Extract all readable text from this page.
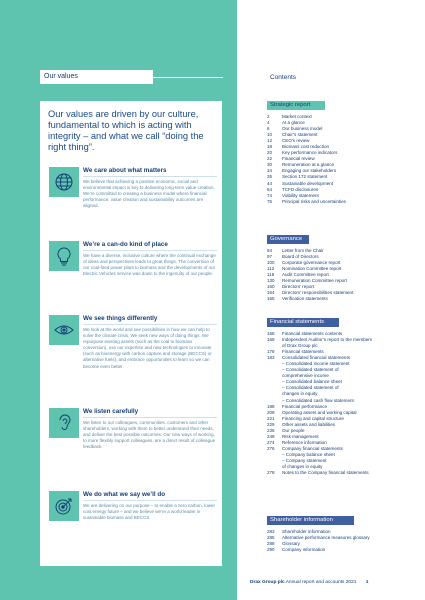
Our values
Our values are driven by our culture, fundamental to which is acting with integrity – and what we call “doing the right thing”.
We care about what matters
We believe that achieving a positive economic, social and environmental impact is key to delivering long-term value creation. We’re committed to creating a business model where financial performance, value creation and sustainability outcomes are aligned.
We’re a can-do kind of place
We have a diverse, inclusive culture where the continual exchange of ideas and perspectives leads to great things. The conversion of our coal-fired power plant to biomass and the developments of our Electric Vehicles service was down to the ingenuity of our people.
We see things differently
We look at the world and see possibilities in how we can help to solve the climate crisis. We seek new ways of doing things. We repurpose existing assets (such as the coal to biomass conversion), use our expertise and new technologies to innovate (such as bioenergy with carbon capture and storage (BECCS) or alternative fuels), and embrace opportunities to learn so we can become even better.
We listen carefully
We listen to our colleagues, communities, customers and other shareholders, working with them to better understand their needs, and deliver the best possible outcomes. Our new ways of working, to more flexibly support colleagues, are a direct result of colleague feedback.
We do what we say we’ll do
We are delivering on our purpose – to enable a zero carbon, lower cost energy future – and we believe we’re a world leader in sustainable biomass and BECCS.
Contents
Strategic report
2	Market context
4	At a glance
6	Our business model
10 Chair’s statement
12 CEO’s review
18 Biomass cost reduction
20 Key performance indicators
22 Financial review
30 Remuneration at a glance
34 Engaging our stakeholders
35 Section 172 statement
44 Sustainable development
64 TCFD disclosures
74 Viability statement
75 Principal risks and uncertainties
Governance
94 Letter from the Chair
97 Board of Directors
100 Corporate governance report
112 Nomination Committee report
118 Audit Committee report
130 Remuneration Committee report
160 Directors’ report
164 Directors’ responsibilities statement
165 Verification statements
Financial statements
168 Financial statements contents
169 Independent Auditor’s report to the members
of Drax Group plc
178 Financial statements
183 Consolidated financial statements
– Consolidated income statement
– Consolidated statement of
comprehensive income
– Consolidated balance sheet
– Consolidated statement of
changes in equity
– Consolidated cash flow statement
188 Financial performance
208 Operating assets and working capital
221 Financing and capital structure
229 Other assets and liabilities
236 Our people
248 Risk management
274 Reference information
276 Company financial statements
– Company balance sheet
– Company statement
of changes in equity
278 Notes to the Company financial statements
Shareholder information
283 Shareholder information
285 Alternative performance measures glossary
288 Glossary
290 Company information
Drax Group plc Annual report and accounts 2021 1
